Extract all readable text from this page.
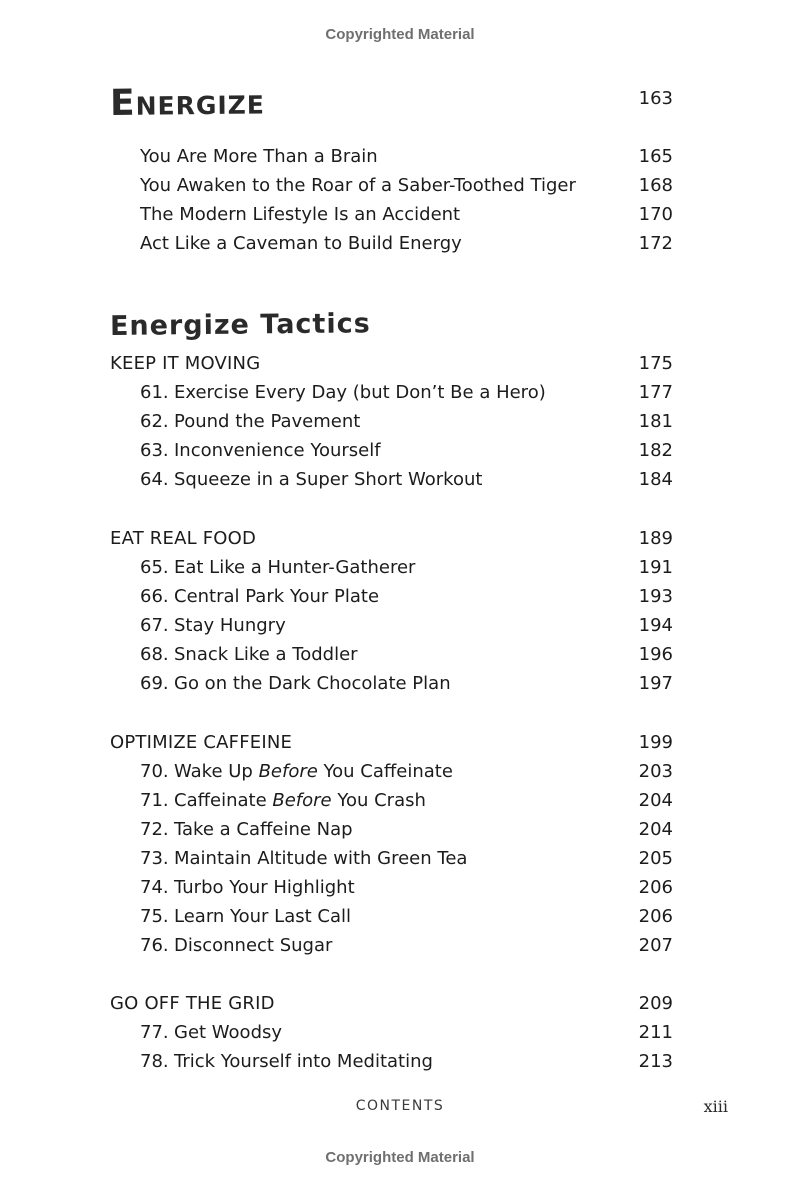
Copyrighted Material
Energize	163
You Are More Than a Brain	165
You Awaken to the Roar of a Saber-Toothed Tiger	168
The Modern Lifestyle Is an Accident	170
Act Like a Caveman to Build Energy	172
Energize Tactics
KEEP IT MOVING	175
61. Exercise Every Day (but Don’t Be a Hero)	177
62. Pound the Pavement	181
63. Inconvenience Yourself	182
64. Squeeze in a Super Short Workout	184
EAT REAL FOOD	189
65. Eat Like a Hunter-Gatherer	191
66. Central Park Your Plate	193
67. Stay Hungry	194
68. Snack Like a Toddler	196
69. Go on the Dark Chocolate Plan	197
OPTIMIZE CAFFEINE	199
70. Wake Up Before You Caffeinate	203
71. Caffeinate Before You Crash	204
72. Take a Caffeine Nap	204
73. Maintain Altitude with Green Tea	205
74. Turbo Your Highlight	206
75. Learn Your Last Call	206
76. Disconnect Sugar	207
GO OFF THE GRID	209
77. Get Woodsy	211
78. Trick Yourself into Meditating	213
CONTENTS	xiii
Copyrighted Material
